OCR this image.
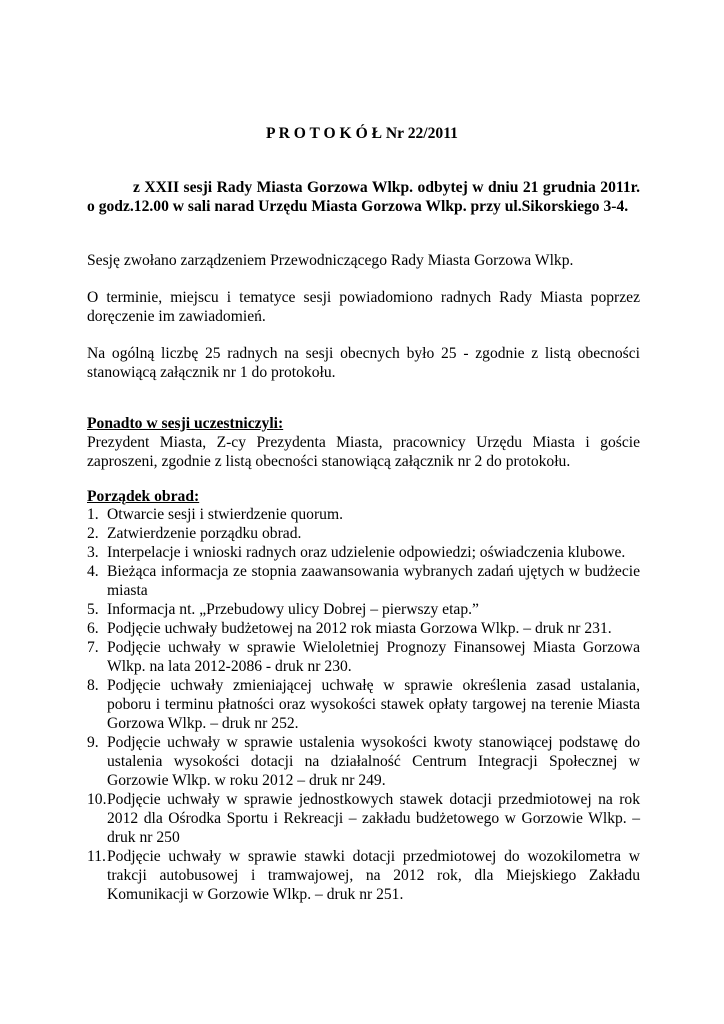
P R O T O K Ó Ł Nr 22/2011

z XXII sesji Rady Miasta Gorzowa Wlkp. odbytej w dniu 21 grudnia 2011r. o godz.12.00 w sali narad Urzędu Miasta Gorzowa Wlkp. przy ul.Sikorskiego 3-4.

Sesję zwołano zarządzeniem Przewodniczącego Rady Miasta Gorzowa Wlkp.

O terminie, miejscu i tematyce sesji powiadomiono radnych Rady Miasta poprzez doręczenie im zawiadomień.

Na ogólną liczbę 25 radnych na sesji obecnych było 25 - zgodnie z listą obecności stanowiącą załącznik nr 1 do protokołu.

Ponadto w sesji uczestniczyli:
Prezydent Miasta, Z-cy Prezydenta Miasta, pracownicy Urzędu Miasta i goście zaproszeni, zgodnie z listą obecności stanowiącą załącznik nr 2 do protokołu.
Porządek obrad:
1. Otwarcie sesji i stwierdzenie quorum.
2. Zatwierdzenie porządku obrad.
3. Interpelacje i wnioski radnych oraz udzielenie odpowiedzi; oświadczenia klubowe.
4. Bieżąca informacja ze stopnia zaawansowania wybranych zadań ujętych w budżecie miasta
5. Informacja nt. „Przebudowy ulicy Dobrej – pierwszy etap.”
6. Podjęcie uchwały budżetowej na 2012 rok miasta Gorzowa Wlkp. – druk nr 231.
7. Podjęcie uchwały w sprawie Wieloletniej Prognozy Finansowej Miasta Gorzowa Wlkp. na lata 2012-2086 - druk nr 230.
8. Podjęcie uchwały zmieniającej uchwałę w sprawie określenia zasad ustalania, poboru i terminu płatności oraz wysokości stawek opłaty targowej na terenie Miasta Gorzowa Wlkp. – druk nr 252.
9. Podjęcie uchwały w sprawie ustalenia wysokości kwoty stanowiącej podstawę do ustalenia wysokości dotacji na działalność Centrum Integracji Społecznej w Gorzowie Wlkp. w roku 2012 – druk nr 249.
10. Podjęcie uchwały w sprawie jednostkowych stawek dotacji przedmiotowej na rok 2012 dla Ośrodka Sportu i Rekreacji – zakładu budżetowego w Gorzowie Wlkp. – druk nr 250
11. Podjęcie uchwały w sprawie stawki dotacji przedmiotowej do wozokilometra w trakcji autobusowej i tramwajowej, na 2012 rok, dla Miejskiego Zakładu Komunikacji w Gorzowie Wlkp. – druk nr 251.
